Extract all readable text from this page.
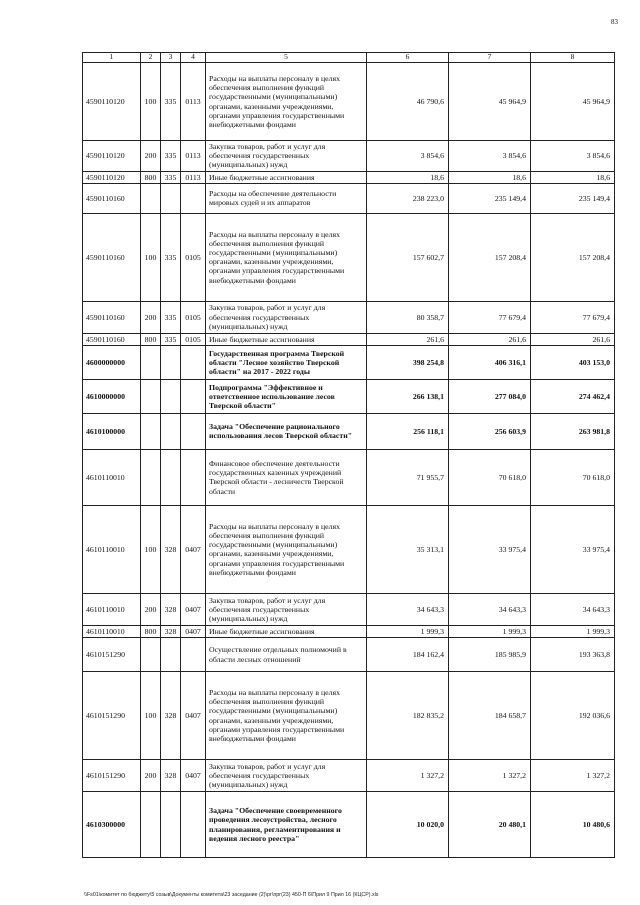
83
1	2	3	4	5	6	7	8
4590110120	100	335	0113	Расходы на выплаты персоналу в целях обеспечения выполнения функций государственными (муниципальными) органами, казенными учреждениями, органами управления государственными внебюджетными фондами	46 790,6	45 964,9	45 964,9
4590110120	200	335	0113	Закупка товаров, работ и услуг для обеспечения государственных (муниципальных) нужд	3 854,6	3 854,6	3 854,6
4590110120	800	335	0113	Иные бюджетные ассигнования	18,6	18,6	18,6
4590110160				Расходы на обеспечение деятельности мировых судей и их аппаратов	238 223,0	235 149,4	235 149,4
4590110160	100	335	0105	Расходы на выплаты персоналу в целях обеспечения выполнения функций государственными (муниципальными) органами, казенными учреждениями, органами управления государственными внебюджетными фондами	157 602,7	157 208,4	157 208,4
4590110160	200	335	0105	Закупка товаров, работ и услуг для обеспечения государственных (муниципальных) нужд	80 358,7	77 679,4	77 679,4
4590110160	800	335	0105	Иные бюджетные ассигнования	261,6	261,6	261,6
4600000000				Государственная программа Тверской области "Лесное хозяйство Тверской области" на 2017 - 2022 годы	398 254,8	406 316,1	403 153,0
4610000000				Подпрограмма "Эффективное и ответственное использование лесов Тверской области"	266 138,1	277 084,0	274 462,4
4610100000				Задача "Обеспечение рационального использования лесов Тверской области"	256 118,1	256 603,9	263 981,8
4610110010				Финансовое обеспечение деятельности государственных казенных учреждений Тверской области - лесничеств Тверской области	71 955,7	70 618,0	70 618,0
4610110010	100	328	0407	Расходы на выплаты персоналу в целях обеспечения выполнения функций государственными (муниципальными) органами, казенными учреждениями, органами управления государственными внебюджетными фондами	35 313,1	33 975,4	33 975,4
4610110010	200	328	0407	Закупка товаров, работ и услуг для обеспечения государственных (муниципальных) нужд	34 643,3	34 643,3	34 643,3
4610110010	800	328	0407	Иные бюджетные ассигнования	1 999,3	1 999,3	1 999,3
4610151290				Осуществление отдельных полномочий в области лесных отношений	184 162,4	185 985,9	193 363,8
4610151290	100	328	0407	Расходы на выплаты персоналу в целях обеспечения выполнения функций государственными (муниципальными) органами, казенными учреждениями, органами управления государственными внебюджетными фондами	182 835,2	184 658,7	192 036,6
4610151290	200	328	0407	Закупка товаров, работ и услуг для обеспечения государственных (муниципальных) нужд	1 327,2	1 327,2	1 327,2
4610300000				Задача "Обеспечение своевременного проведения лесоустройства, лесного планирования, регламентирования и ведения лесного реестра"	10 020,0	20 480,1	10 480,6
\\Fs01\комитет по бюджету\5 созыв\Документы комитета\23 заседание (2)\рг\прг(23) 450-П 6\Прил 9 Прил 16 (КЦСР).xls
